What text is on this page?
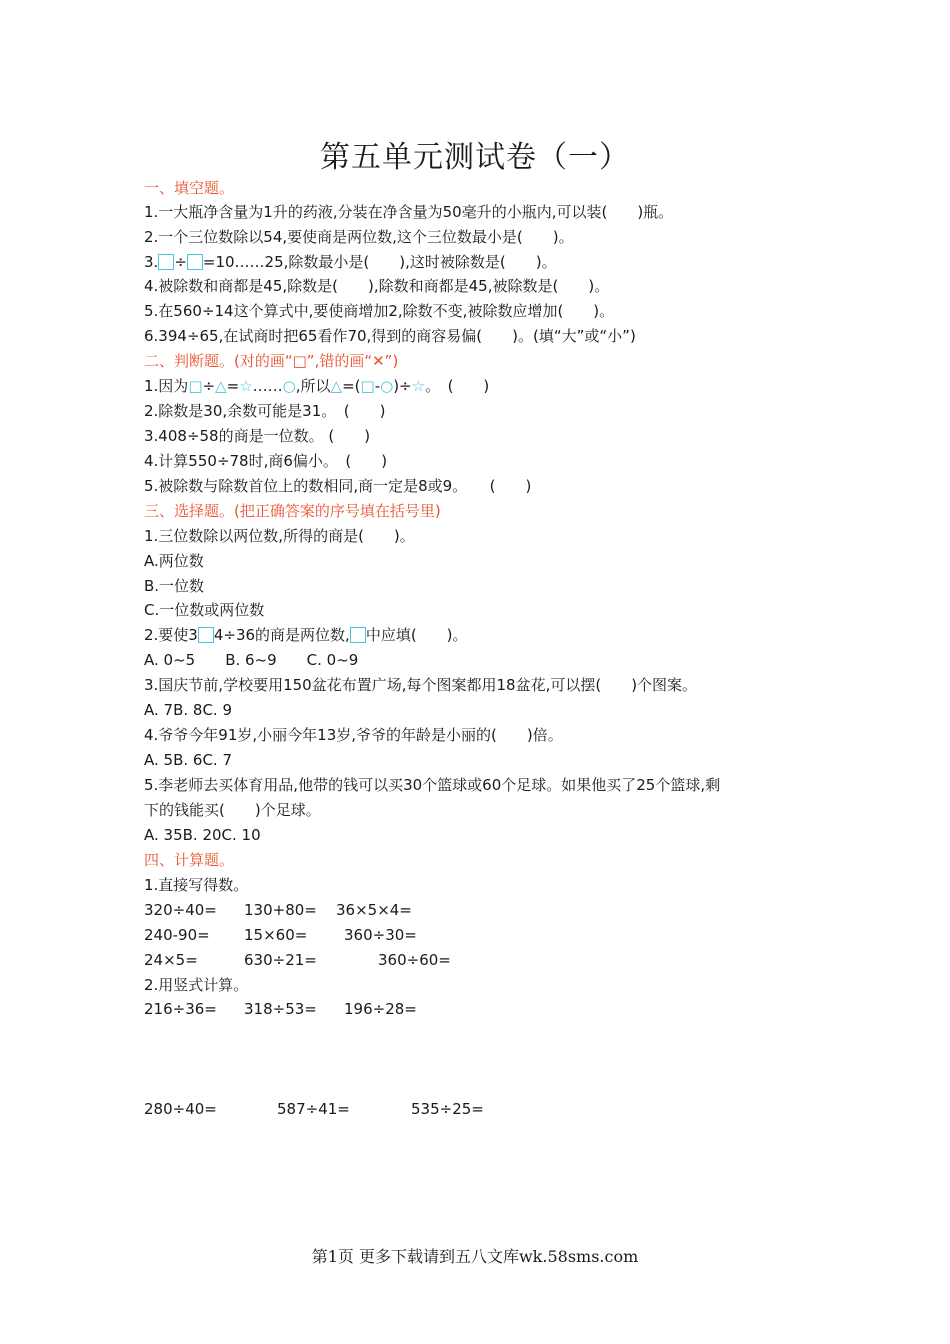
第五单元测试卷（一）
一、填空题。
1.一大瓶净含量为1升的药液,分装在净含量为50毫升的小瓶内,可以装(　　)瓶。
2.一个三位数除以54,要使商是两位数,这个三位数最小是(　　)。
3. ÷ =10……25,除数最小是(　　),这时被除数是(　　)。
4.被除数和商都是45,除数是(　　),除数和商都是45,被除数是(　　)。
5.在560÷14这个算式中,要使商增加2,除数不变,被除数应增加(　　)。
6.394÷65,在试商时把65看作70,得到的商容易偏(　　)。(填“大”或“小”)
二、判断题。(对的画“□”,错的画“✕”)
1.因为□÷△=☆……○,所以△=(□-○)÷☆。　(　　)
2.除数是30,余数可能是31。　(　　)
3.408÷58的商是一位数。 (　　)
4.计算550÷78时,商6偏小。　(　　)
5.被除数与除数首位上的数相同,商一定是8或9。　　(　　)
三、选择题。(把正确答案的序号填在括号里)
1.三位数除以两位数,所得的商是(　　)。
A.两位数
B.一位数
C.一位数或两位数
2.要使3 4÷36的商是两位数, 中应填(　　)。
A. 0~5　　B. 6~9　　C. 0~9
3.国庆节前,学校要用150盆花布置广场,每个图案都用18盆花,可以摆(　　)个图案。
A. 7B. 8C. 9
4.爷爷今年91岁,小丽今年13岁,爷爷的年龄是小丽的(　　)倍。
A. 5B. 6C. 7
5.李老师去买体育用品,他带的钱可以买30个篮球或60个足球。如果他买了25个篮球,剩
下的钱能买(　　)个足球。
A. 35B. 20C. 10
四、计算题。
1.直接写得数。
320÷40= 130+80= 36×5×4=
240-90= 15×60= 360÷30=
24×5=	630÷21=	360÷60=
2.用竖式计算。
216÷36= 318÷53= 196÷28=
280÷40=	587÷41=	535÷25=
第1页 更多下载请到五八文库wk.58sms.com
